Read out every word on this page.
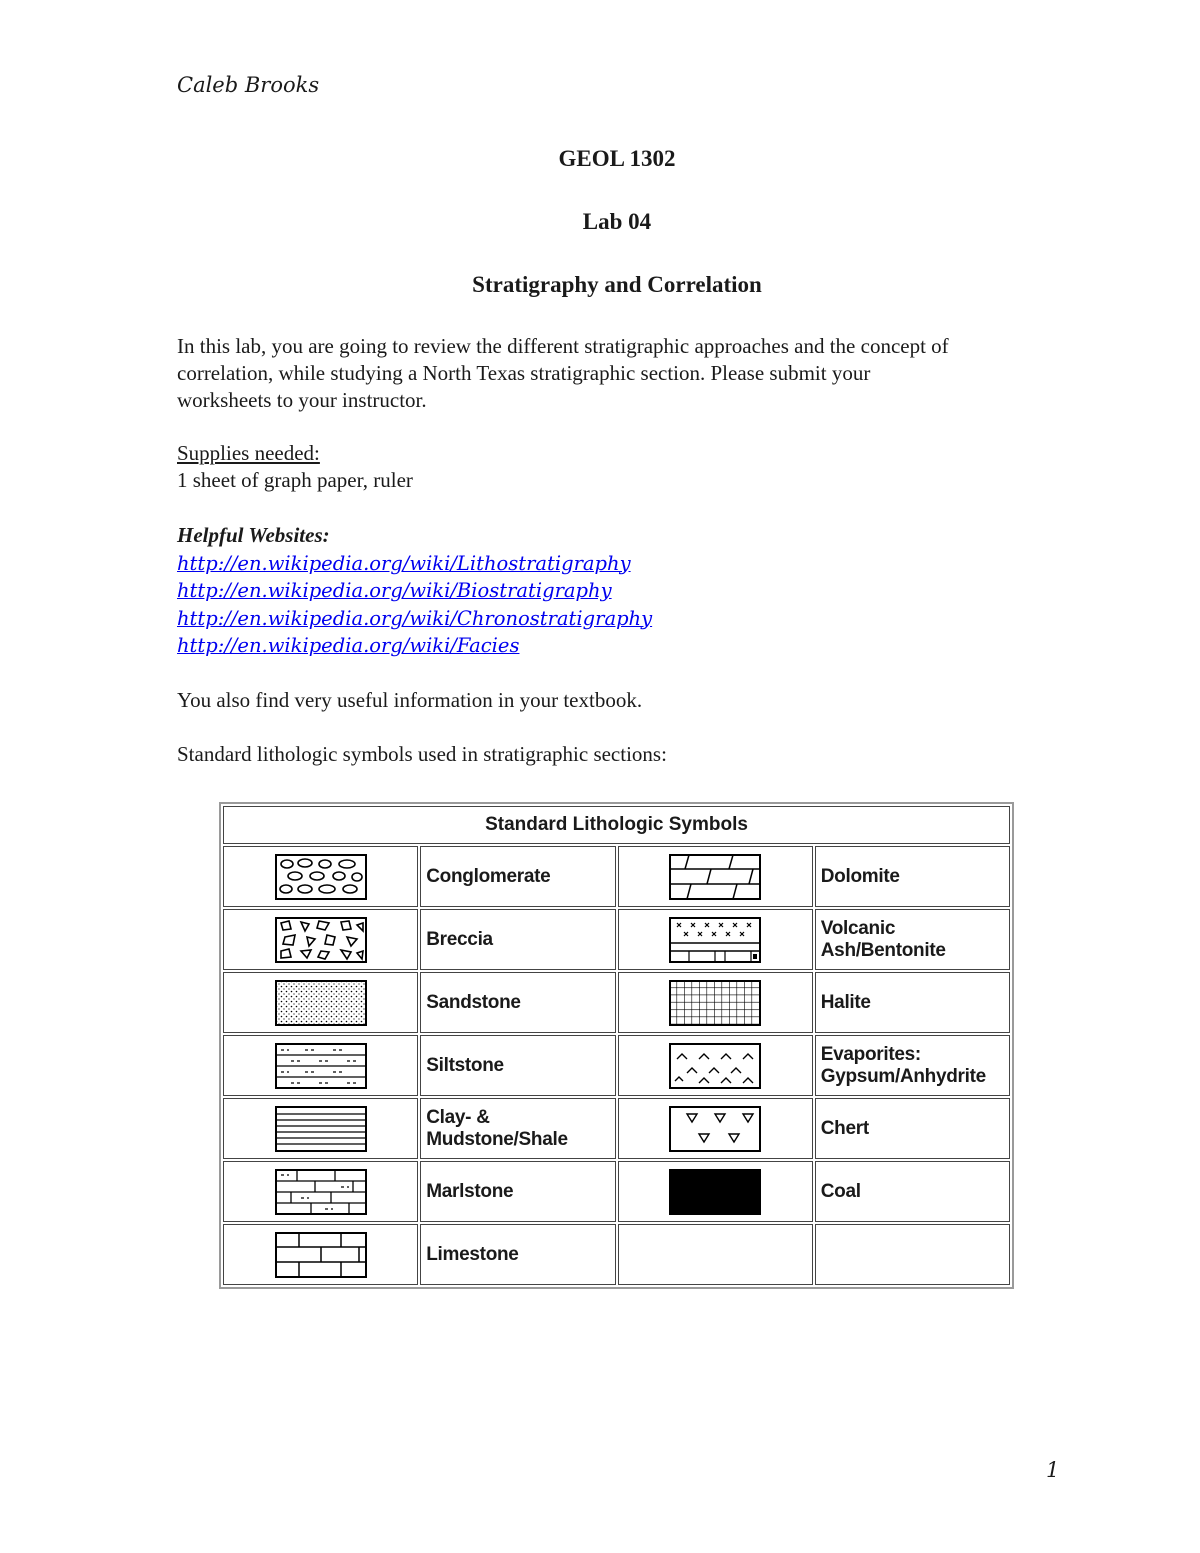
Caleb Brooks
GEOL 1302
Lab 04
Stratigraphy and Correlation
In this lab, you are going to review the different stratigraphic approaches and the concept of
correlation, while studying a North Texas stratigraphic section. Please submit your
worksheets to your instructor.
Supplies needed:
1 sheet of graph paper, ruler
Helpful Websites:
http://en.wikipedia.org/wiki/Lithostratigraphy
http://en.wikipedia.org/wiki/Biostratigraphy
http://en.wikipedia.org/wiki/Chronostratigraphy
http://en.wikipedia.org/wiki/Facies
You also find very useful information in your textbook.
Standard lithologic symbols used in stratigraphic sections:
Standard Lithologic Symbols			

	Conglomerate		Dolomite

	Breccia		Volcanic Ash/Bentonite

	Sandstone		Halite

	Siltstone		Evaporites: Gypsum/Anhydrite

	Clay- & Mudstone/Shale		Chert

	Marlstone		Coal

	Limestone		
1
